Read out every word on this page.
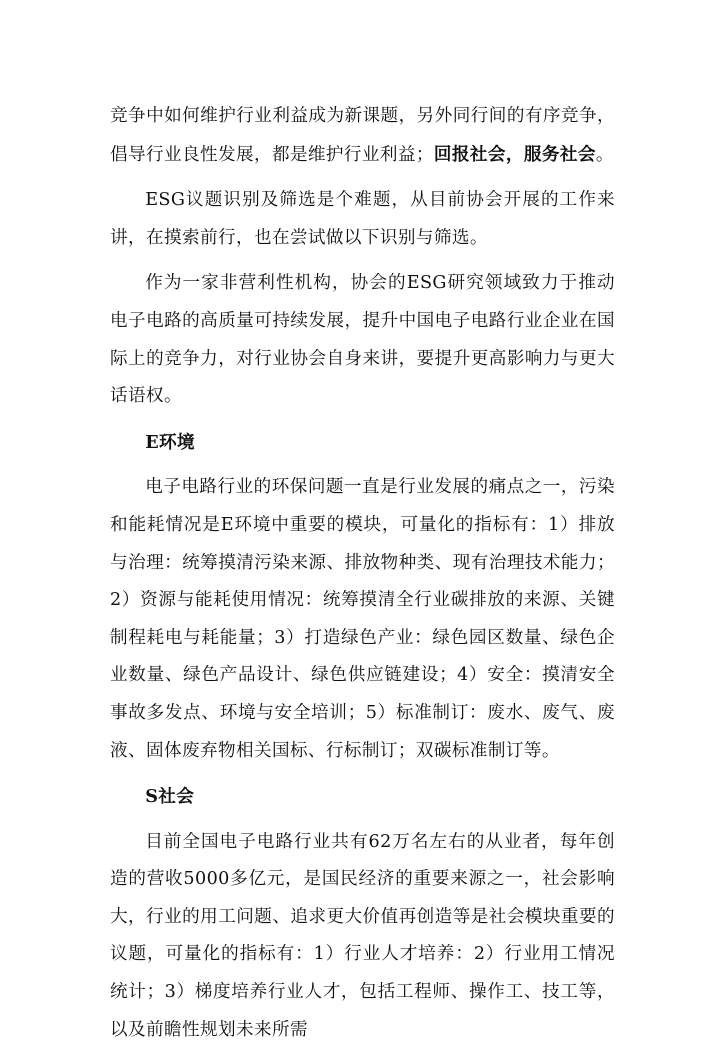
竞争中如何维护行业利益成为新课题，另外同行间的有序竞争，倡导行业良性发展，都是维护行业利益；回报社会，服务社会。

ESG议题识别及筛选是个难题，从目前协会开展的工作来讲，在摸索前行，也在尝试做以下识别与筛选。

作为一家非营利性机构，协会的ESG研究领域致力于推动电子电路的高质量可持续发展，提升中国电子电路行业企业在国际上的竞争力，对行业协会自身来讲，要提升更高影响力与更大话语权。

E环境

电子电路行业的环保问题一直是行业发展的痛点之一，污染和能耗情况是E环境中重要的模块，可量化的指标有：1）排放与治理：统筹摸清污染来源、排放物种类、现有治理技术能力；2）资源与能耗使用情况：统筹摸清全行业碳排放的来源、关键制程耗电与耗能量；3）打造绿色产业：绿色园区数量、绿色企业数量、绿色产品设计、绿色供应链建设；4）安全：摸清安全事故多发点、环境与安全培训；5）标准制订：废水、废气、废液、固体废弃物相关国标、行标制订；双碳标准制订等。

S社会

目前全国电子电路行业共有62万名左右的从业者，每年创造的营收5000多亿元，是国民经济的重要来源之一，社会影响大，行业的用工问题、追求更大价值再创造等是社会模块重要的议题，可量化的指标有：1）行业人才培养：2）行业用工情况统计；3）梯度培养行业人才，包括工程师、操作工、技工等，以及前瞻性规划未来所需
